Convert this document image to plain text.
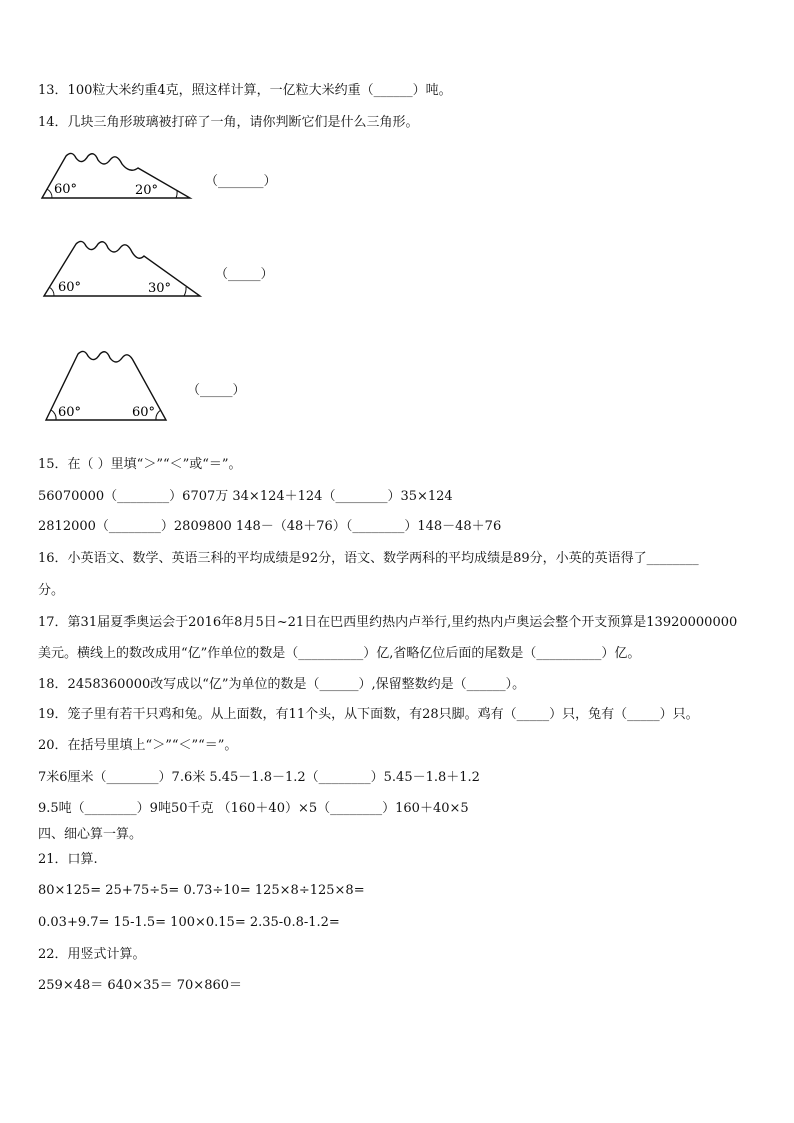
13．100粒大米约重4克，照这样计算，一亿粒大米约重（______）吨。
14．几块三角形玻璃被打碎了一角，请你判断它们是什么三角形。
60°	20°
（_______）
60°	30°
（_____）
60°	60°
（_____）
15．在（ ）里填“＞”“＜”或“＝”。
56070000（________）6707万 34×124＋124（________）35×124
2812000（________）2809800 148－（48＋76）（________）148－48＋76
16．小英语文、数学、英语三科的平均成绩是92分，语文、数学两科的平均成绩是89分，小英的英语得了________
分。
17．第31届夏季奥运会于2016年8月5日~21日在巴西里约热内卢举行,里约热内卢奥运会整个开支预算是13920000000
美元。横线上的数改成用“亿”作单位的数是（__________）亿,省略亿位后面的尾数是（__________）亿。
18．2458360000改写成以“亿”为单位的数是（______）,保留整数约是（______）。
19．笼子里有若干只鸡和兔。从上面数，有11个头，从下面数，有28只脚。鸡有（_____）只，兔有（_____）只。
20．在括号里填上“＞”“＜”“＝”。
7米6厘米（________）7.6米 5.45－1.8－1.2（________）5.45－1.8＋1.2
9.5吨（________）9吨50千克 （160＋40）×5（________）160＋40×5
四、细心算一算。
21．口算.
80×125= 25+75÷5= 0.73÷10= 125×8÷125×8=
0.03+9.7= 15-1.5= 100×0.15= 2.35-0.8-1.2=
22．用竖式计算。
259×48＝ 640×35＝ 70×860＝
